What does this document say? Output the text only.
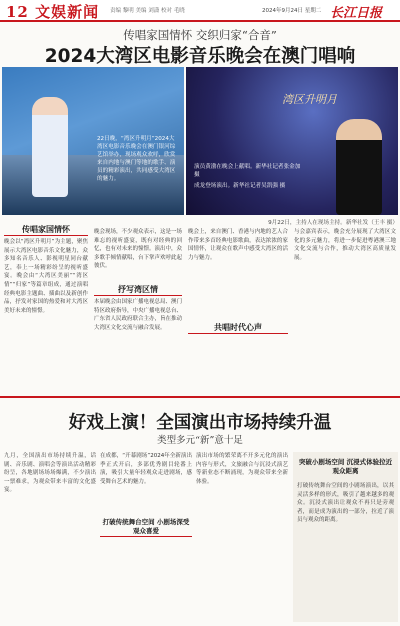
12 文娱新闻 责编 黎明 美编 刘潇 校对 毛晓	2024年9月24日 星期二 长江日报
传唱家国情怀 交织归家“合音”
2024大湾区电影音乐晚会在澳门唱响
22日晚，“湾区升明月”2024大湾区电影音乐晚会在澳门银河综艺馆举办，现场观众欢呼，欣赏来自内地与澳门等地的歌手、演员的精彩演出，共同感受大湾区的魅力。
湾区升明月
演员黄渤在晚会上献唱。新华社记者张金加 摄
成龙登场演出。新华社记者吴凯强 摄
9月22日，主持人在现场主持。新华社发（王丰 摄）
传唱家国情怀
晚会以“湾区升明月”为主题，聚焦展示大湾区电影音乐文化魅力，众多知名音乐人、影视明星同台献艺，奉上一场精彩纷呈的视听盛宴。晚会由“大湾区美丽”“湾区情”“归家”等篇章组成，通过演唱经典电影主题曲、插曲以及新创作品，抒发对家国的热爱和对大湾区美好未来的憧憬。
晚会现场，不少观众表示，这是一场难忘的视听盛宴，既有对经典的回忆，也有对未来的憧憬。演出中，众多歌手倾情献唱，台下掌声欢呼此起彼伏。
抒写湾区情
本届晚会由国家广播电视总局、澳门特区政府指导，中央广播电视总台、广东省人民政府联合主办，旨在推动大湾区文化交流与融合发展。
晚会上，来自澳门、香港与内地的艺人合作带来多首经典电影歌曲，表达浓浓的家国情怀，让观众在歌声中感受大湾区的活力与魅力。
共唱时代心声
与会嘉宾表示，晚会充分展现了大湾区文化的多元魅力，将进一步促进粤港澳三地文化交流与合作，推动大湾区高质量发展。
好戏上演！全国演出市场持续升温
类型多元“新”意十足
九月，全国演出市场持续升温，话剧、音乐剧、演唱会等演出活动精彩纷呈，各地剧场场场爆满，不少演出一票难求，为观众带来丰富的文化盛宴。
在成都，“开幕剧场”2024年全新演出季正式开启，多部优秀剧目轮番上演，吸引大量年轻观众走进剧场，感受舞台艺术的魅力。
打破传统舞台空间 小剧场深受观众喜爱
演出市场的繁荣离不开多元化的演出内容与形式，文旅融合与沉浸式演艺等新业态不断涌现，为观众带来全新体验。
突破小剧场空间 沉浸式体验拉近观众距离
打破传统舞台空间的小剧场演出，以其灵活多样的形式，吸引了越来越多的观众。沉浸式演出让观众不再只是旁观者，而是成为演出的一部分，拉近了演员与观众的距离。
